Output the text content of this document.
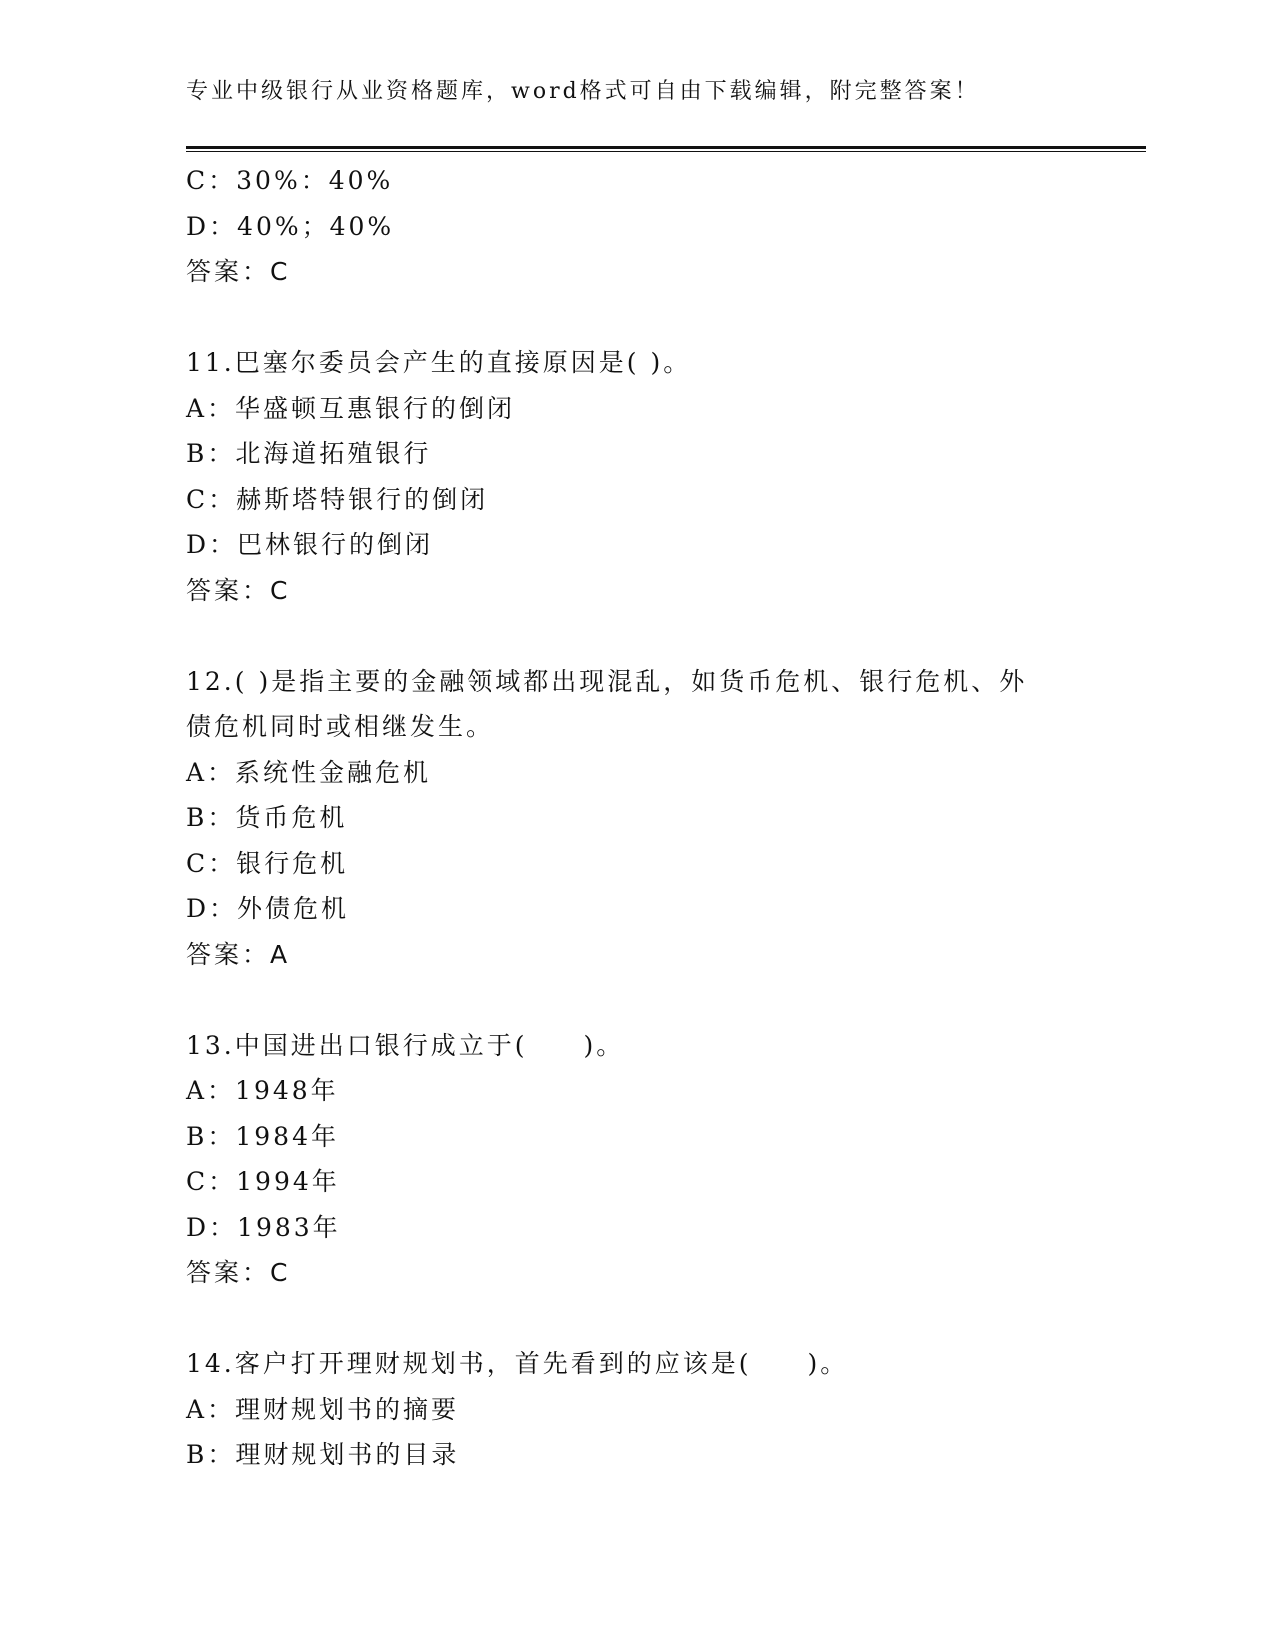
专业中级银行从业资格题库，word格式可自由下载编辑，附完整答案！
C：30%：40%
D：40%；40%
答案：C
11.巴塞尔委员会产生的直接原因是( )。
A：华盛顿互惠银行的倒闭
B：北海道拓殖银行
C：赫斯塔特银行的倒闭
D：巴林银行的倒闭
答案：C
12.( )是指主要的金融领域都出现混乱，如货币危机、银行危机、外
债危机同时或相继发生。
A：系统性金融危机
B：货币危机
C：银行危机
D：外债危机
答案：A
13.中国进出口银行成立于(　　)。
A：1948年
B：1984年
C：1994年
D：1983年
答案：C
14.客户打开理财规划书，首先看到的应该是(　　)。
A：理财规划书的摘要
B：理财规划书的目录
